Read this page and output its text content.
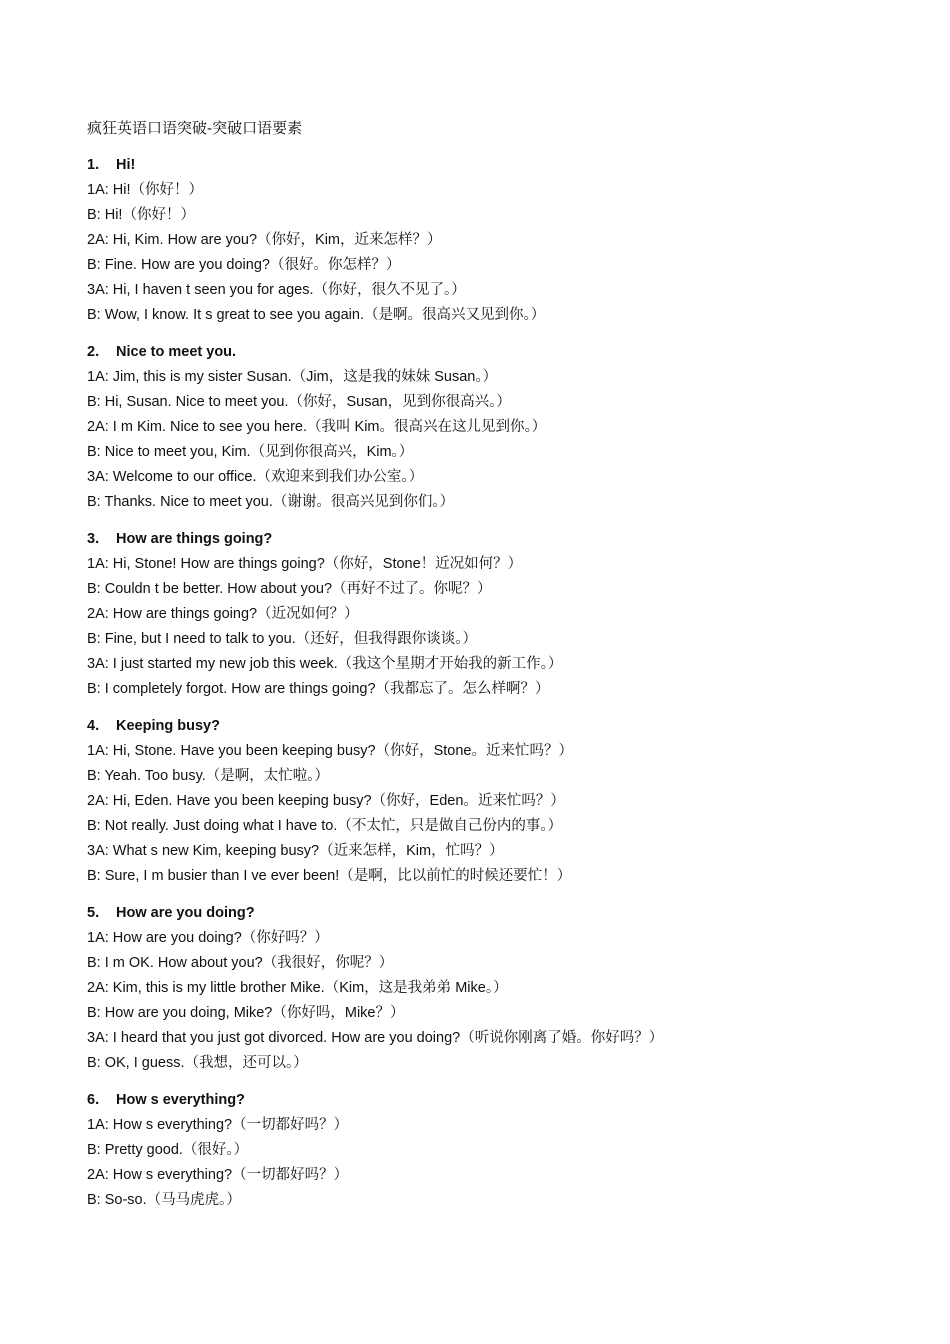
疯狂英语口语突破-突破口语要素
1. Hi!
1A: Hi!（你好！）
B: Hi!（你好！）
2A: Hi, Kim. How are you?（你好，Kim，近来怎样？）
B: Fine. How are you doing?（很好。你怎样？）
3A: Hi, I haven t seen you for ages.（你好，很久不见了。）
B: Wow, I know. It s great to see you again.（是啊。很高兴又见到你。）
2. Nice to meet you.
1A: Jim, this is my sister Susan.（Jim，这是我的妹妹 Susan。）
B: Hi, Susan. Nice to meet you.（你好，Susan，见到你很高兴。）
2A: I m Kim. Nice to see you here.（我叫 Kim。很高兴在这儿见到你。）
B: Nice to meet you, Kim.（见到你很高兴，Kim。）
3A: Welcome to our office.（欢迎来到我们办公室。）
B: Thanks. Nice to meet you.（谢谢。很高兴见到你们。）
3. How are things going?
1A: Hi, Stone! How are things going?（你好，Stone！近况如何？）
B: Couldn t be better. How about you?（再好不过了。你呢？）
2A: How are things going?（近况如何？）
B: Fine, but I need to talk to you.（还好，但我得跟你谈谈。）
3A: I just started my new job this week.（我这个星期才开始我的新工作。）
B: I completely forgot. How are things going?（我都忘了。怎么样啊？）
4. Keeping busy?
1A: Hi, Stone. Have you been keeping busy?（你好，Stone。近来忙吗？）
B: Yeah. Too busy.（是啊，太忙啦。）
2A: Hi, Eden. Have you been keeping busy?（你好，Eden。近来忙吗？）
B: Not really. Just doing what I have to.（不太忙，只是做自己份内的事。）
3A: What s new Kim, keeping busy?（近来怎样，Kim，忙吗？）
B: Sure, I m busier than I ve ever been!（是啊，比以前忙的时候还要忙！）
5. How are you doing?
1A: How are you doing?（你好吗？）
B: I m OK. How about you?（我很好，你呢？）
2A: Kim, this is my little brother Mike.（Kim，这是我弟弟 Mike。）
B: How are you doing, Mike?（你好吗，Mike？）
3A: I heard that you just got divorced. How are you doing?（听说你刚离了婚。你好吗？）
B: OK, I guess.（我想，还可以。）
6. How s everything?
1A: How s everything?（一切都好吗？）
B: Pretty good.（很好。）
2A: How s everything?（一切都好吗？）
B: So-so.（马马虎虎。）
